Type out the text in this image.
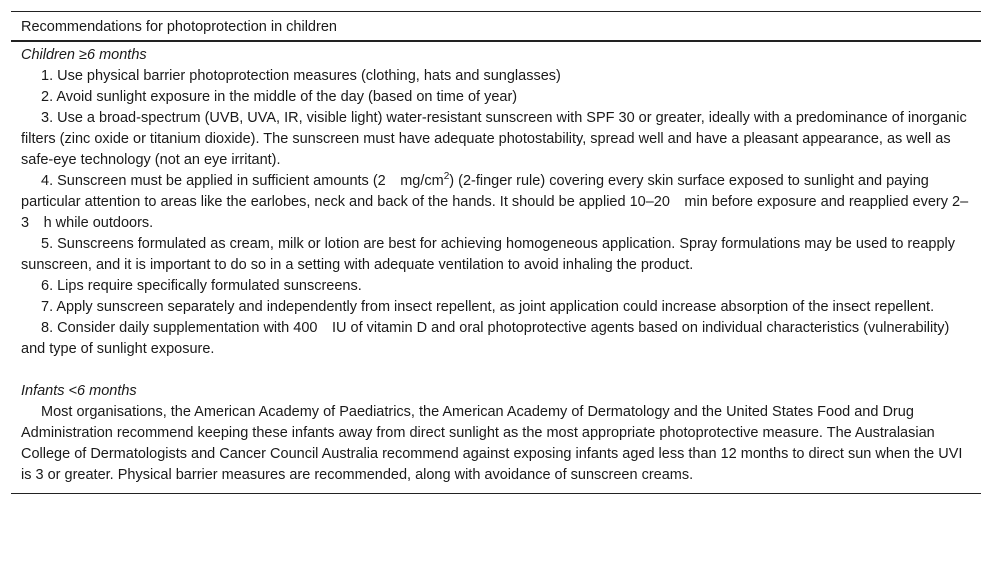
Recommendations for photoprotection in children
Children ≥6 months

1. Use physical barrier photoprotection measures (clothing, hats and sunglasses)

2. Avoid sunlight exposure in the middle of the day (based on time of year)

3. Use a broad-spectrum (UVB, UVA, IR, visible light) water-resistant sunscreen with SPF 30 or greater, ideally with a predominance of inorganic filters (zinc oxide or titanium dioxide). The sunscreen must have adequate photostability, spread well and have a pleasant appearance, as well as safe-eye technology (not an eye irritant).

4. Sunscreen must be applied in sufficient amounts (2    $mg/cm^2$) (2-finger rule) covering every skin surface exposed to sunlight and paying particular attention to areas like the earlobes, neck and back of the hands. It should be applied 10–20    min before exposure and reapplied every 2–3    h while outdoors.

5. Sunscreens formulated as cream, milk or lotion are best for achieving homogeneous application. Spray formulations may be used to reapply sunscreen, and it is important to do so in a setting with adequate ventilation to avoid inhaling the product.

6. Lips require specifically formulated sunscreens.

7. Apply sunscreen separately and independently from insect repellent, as joint application could increase absorption of the insect repellent.

8. Consider daily supplementation with 400    IU of vitamin D and oral photoprotective agents based on individual characteristics (vulnerability) and type of sunlight exposure.

Infants <6 months

Most organisations, the American Academy of Paediatrics, the American Academy of Dermatology and the United States Food and Drug Administration recommend keeping these infants away from direct sunlight as the most appropriate photoprotective measure. The Australasian College of Dermatologists and Cancer Council Australia recommend against exposing infants aged less than 12 months to direct sun when the UVI is 3 or greater. Physical barrier measures are recommended, along with avoidance of sunscreen creams.
